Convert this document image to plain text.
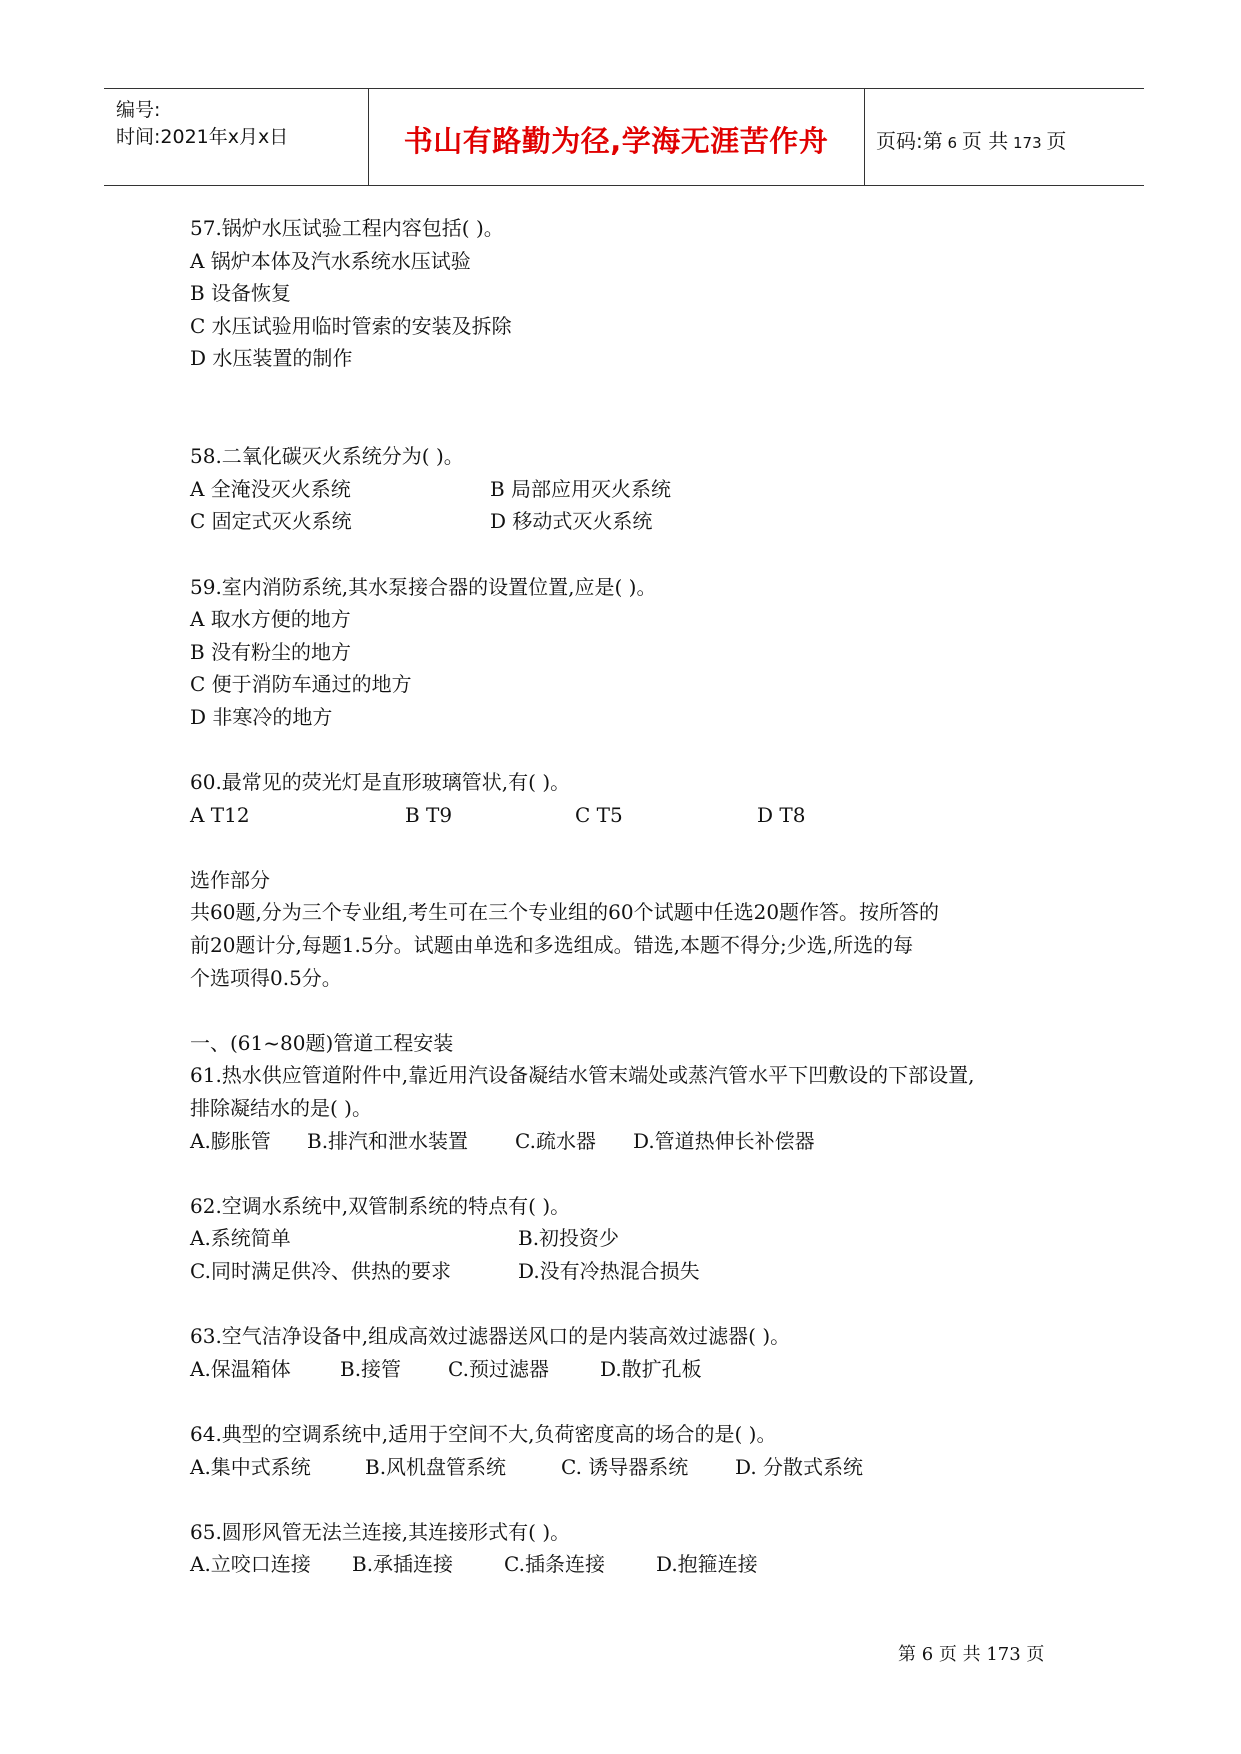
编号:
时间:2021年x月x日	书山有路勤为径,学海无涯苦作舟	页码:第 6 页 共 173 页
57.锅炉水压试验工程内容包括( )。
A 锅炉本体及汽水系统水压试验
B 设备恢复
C 水压试验用临时管索的安装及拆除
D 水压装置的制作
58.二氧化碳灭火系统分为( )。
A 全淹没灭火系统	B 局部应用灭火系统
C 固定式灭火系统	D 移动式灭火系统
59.室内消防系统,其水泵接合器的设置位置,应是( )。
A 取水方便的地方
B 没有粉尘的地方
C 便于消防车通过的地方
D 非寒冷的地方
60.最常见的荧光灯是直形玻璃管状,有( )。
A T12	B T9	C T5	D T8
选作部分
共60题,分为三个专业组,考生可在三个专业组的60个试题中任选20题作答。按所答的
前20题计分,每题1.5分。试题由单选和多选组成。错选,本题不得分;少选,所选的每
个选项得0.5分。
一、(61~80题)管道工程安装
61.热水供应管道附件中,靠近用汽设备凝结水管末端处或蒸汽管水平下凹敷设的下部设置,
排除凝结水的是( )。
A.膨胀管	B.排汽和泄水装置	C.疏水器	D.管道热伸长补偿器
62.空调水系统中,双管制系统的特点有( )。
A.系统简单	B.初投资少
C.同时满足供冷、供热的要求	D.没有冷热混合损失
63.空气洁净设备中,组成高效过滤器送风口的是内装高效过滤器( )。
A.保温箱体	B.接管	C.预过滤器	D.散扩孔板
64.典型的空调系统中,适用于空间不大,负荷密度高的场合的是( )。
A.集中式系统	B.风机盘管系统	C. 诱导器系统	D. 分散式系统
65.圆形风管无法兰连接,其连接形式有( )。
A.立咬口连接	B.承插连接	C.插条连接	D.抱箍连接
第 6 页 共 173 页
